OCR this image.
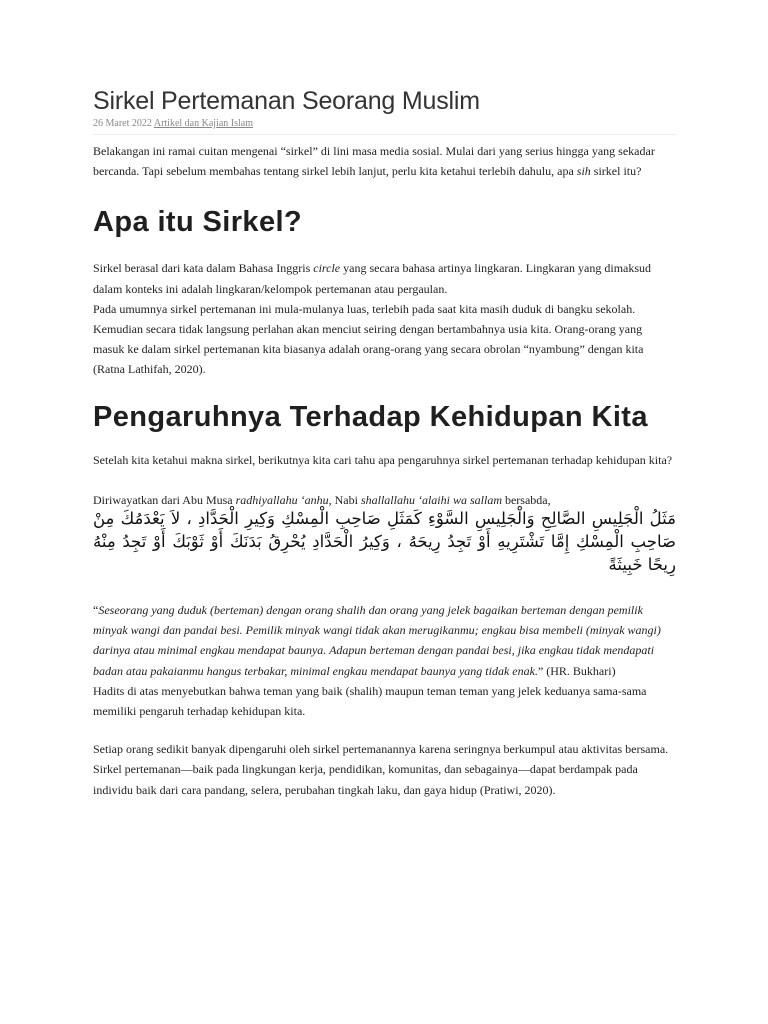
Sirkel Pertemanan Seorang Muslim
26 Maret 2022 Artikel dan Kajian Islam

Belakangan ini ramai cuitan mengenai “sirkel” di lini masa media sosial. Mulai dari yang serius hingga yang sekadar bercanda. Tapi sebelum membahas tentang sirkel lebih lanjut, perlu kita ketahui terlebih dahulu, apa sih sirkel itu?

Apa itu Sirkel?

Sirkel berasal dari kata dalam Bahasa Inggris circle yang secara bahasa artinya lingkaran. Lingkaran yang dimaksud dalam konteks ini adalah lingkaran/kelompok pertemanan atau pergaulan.

Pada umumnya sirkel pertemanan ini mula-mulanya luas, terlebih pada saat kita masih duduk di bangku sekolah. Kemudian secara tidak langsung perlahan akan menciut seiring dengan bertambahnya usia kita. Orang-orang yang masuk ke dalam sirkel pertemanan kita biasanya adalah orang-orang yang secara obrolan “nyambung” dengan kita (Ratna Lathifah, 2020).

Pengaruhnya Terhadap Kehidupan Kita

Setelah kita ketahui makna sirkel, berikutnya kita cari tahu apa pengaruhnya sirkel pertemanan terhadap kehidupan kita?

Diriwayatkan dari Abu Musa radhiyallahu ‘anhu, Nabi shallallahu ‘alaihi wa sallam bersabda,

مَثَلُ الْجَلِيسِ الصَّالِحِ وَالْجَلِيسِ السَّوْءِ كَمَثَلِ صَاحِبِ الْمِسْكِ وَكِيرِ الْحَدَّادِ ، لاَ يَعْدَمُكَ مِنْ صَاحِبِ الْمِسْكِ إِمَّا تَشْتَرِيهِ أَوْ تَجِدُ رِيحَهُ ، وَكِيرُ الْحَدَّادِ يُحْرِقُ بَدَنَكَ أَوْ ثَوْبَكَ أَوْ تَجِدُ مِنْهُ رِيحًا خَبِيثَةً

“Seseorang yang duduk (berteman) dengan orang shalih dan orang yang jelek bagaikan berteman dengan pemilik minyak wangi dan pandai besi. Pemilik minyak wangi tidak akan merugikanmu; engkau bisa membeli (minyak wangi) darinya atau minimal engkau mendapat baunya. Adapun berteman dengan pandai besi, jika engkau tidak mendapati badan atau pakaianmu hangus terbakar, minimal engkau mendapat baunya yang tidak enak.” (HR. Bukhari)

Hadits di atas menyebutkan bahwa teman yang baik (shalih) maupun teman teman yang jelek keduanya sama-sama memiliki pengaruh terhadap kehidupan kita.

Setiap orang sedikit banyak dipengaruhi oleh sirkel pertemanannya karena seringnya berkumpul atau aktivitas bersama. Sirkel pertemanan—baik pada lingkungan kerja, pendidikan, komunitas, dan sebagainya—dapat berdampak pada individu baik dari cara pandang, selera, perubahan tingkah laku, dan gaya hidup (Pratiwi, 2020).
